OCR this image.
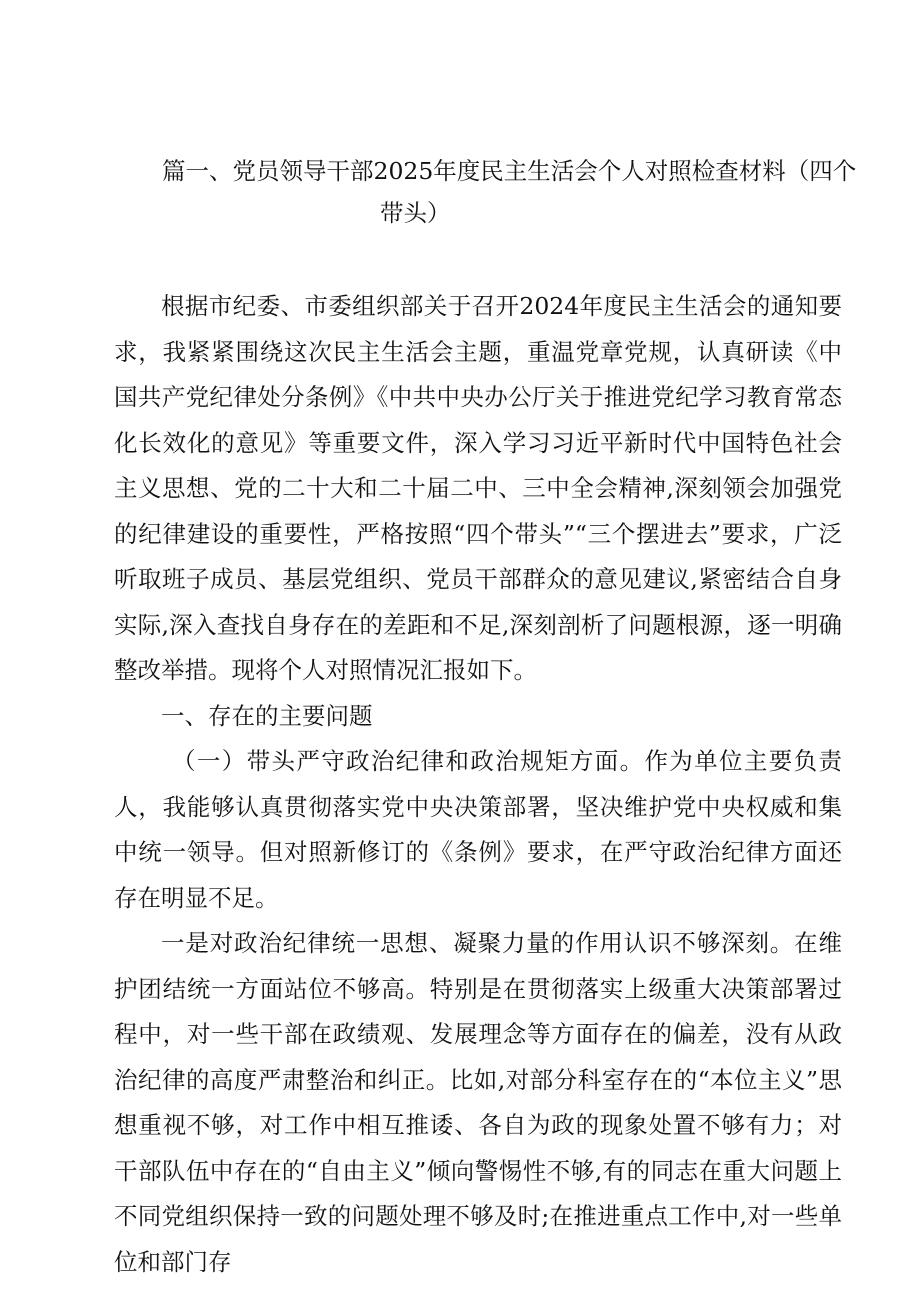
篇一、党员领导干部2025年度民主生活会个人对照检查材料（四个
带头）

根据市纪委、市委组织部关于召开2024年度民主生活会的通知要求，我紧紧围绕这次民主生活会主题，重温党章党规，认真研读《中国共产党纪律处分条例》《中共中央办公厅关于推进党纪学习教育常态化长效化的意见》等重要文件，深入学习习近平新时代中国特色社会主义思想、党的二十大和二十届二中、三中全会精神,深刻领会加强党的纪律建设的重要性，严格按照“四个带头”“三个摆进去”要求，广泛听取班子成员、基层党组织、党员干部群众的意见建议,紧密结合自身实际,深入查找自身存在的差距和不足,深刻剖析了问题根源，逐一明确整改举措。现将个人对照情况汇报如下。

一、存在的主要问题

（一）带头严守政治纪律和政治规矩方面。作为单位主要负责人，我能够认真贯彻落实党中央决策部署，坚决维护党中央权威和集中统一领导。但对照新修订的《条例》要求，在严守政治纪律方面还存在明显不足。

一是对政治纪律统一思想、凝聚力量的作用认识不够深刻。在维护团结统一方面站位不够高。特别是在贯彻落实上级重大决策部署过程中，对一些干部在政绩观、发展理念等方面存在的偏差，没有从政治纪律的高度严肃整治和纠正。比如,对部分科室存在的“本位主义”思想重视不够，对工作中相互推诿、各自为政的现象处置不够有力；对干部队伍中存在的“自由主义”倾向警惕性不够,有的同志在重大问题上不同党组织保持一致的问题处理不够及时;在推进重点工作中,对一些单位和部门存
